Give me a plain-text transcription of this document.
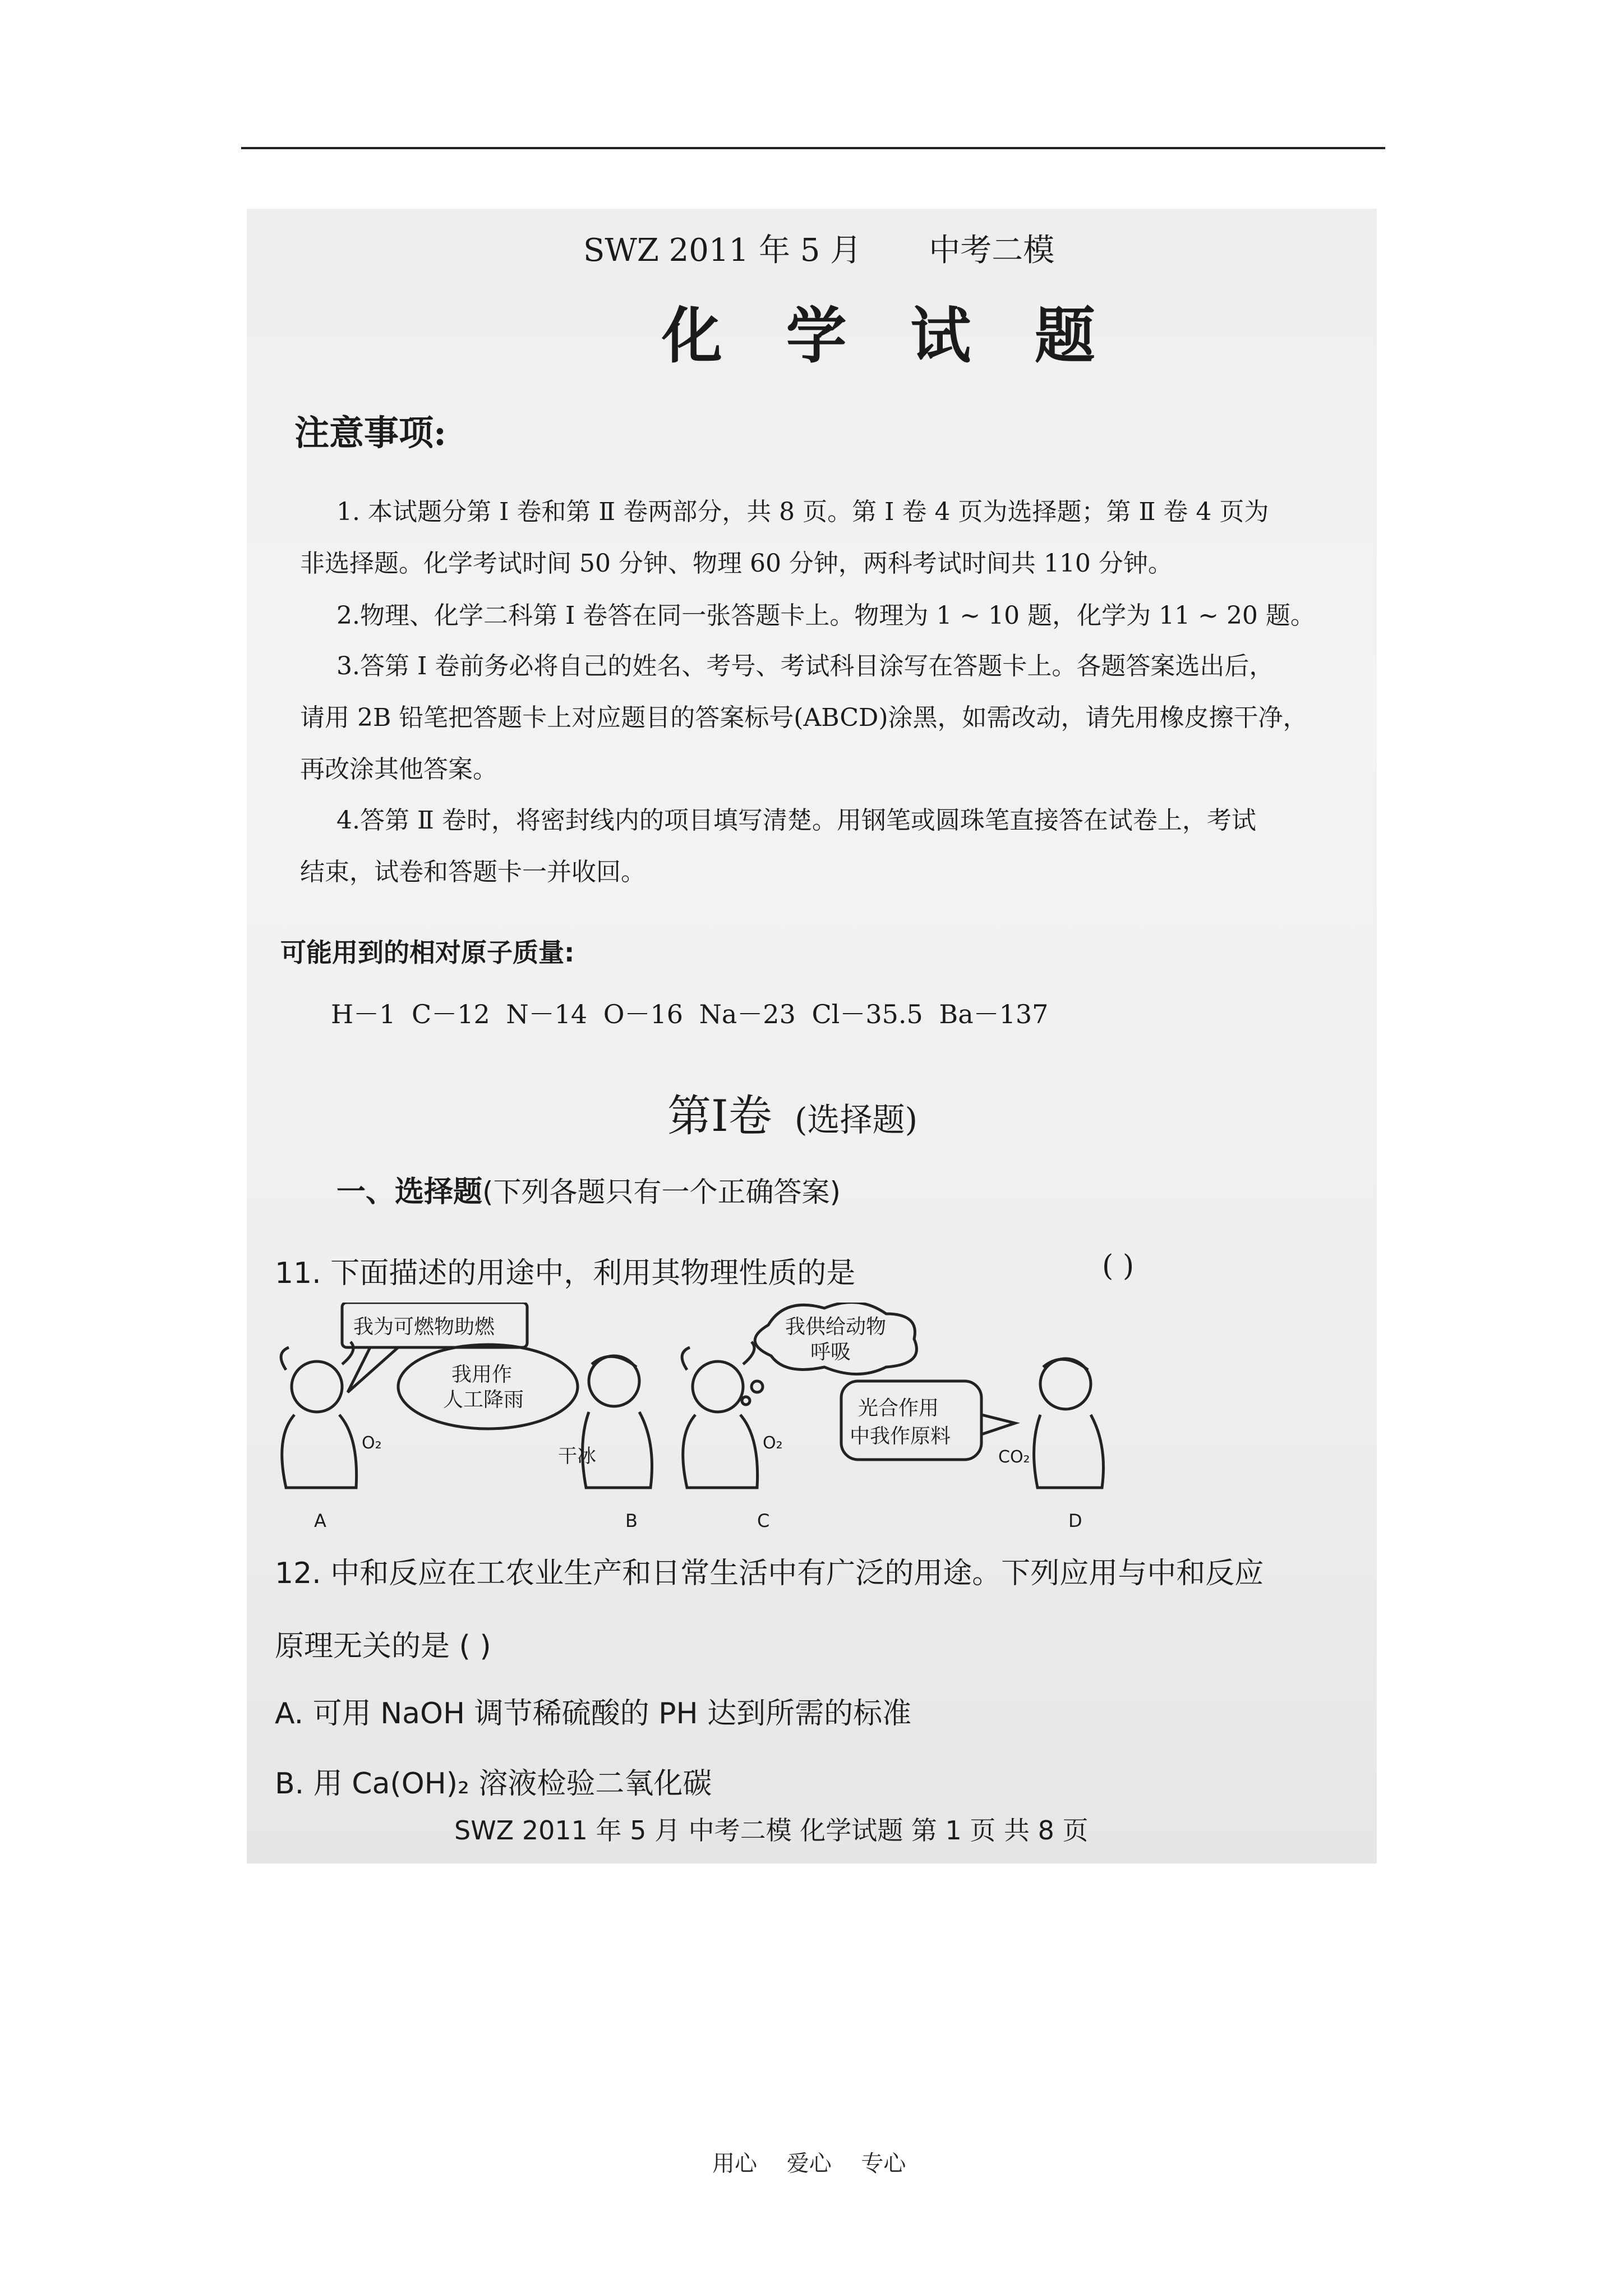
SWZ 2011 年 5 月 中考二模
化 学 试 题
注意事项:
1. 本试题分第 Ⅰ 卷和第 Ⅱ 卷两部分，共 8 页。第 Ⅰ 卷 4 页为选择题；第 Ⅱ 卷 4 页为
非选择题。化学考试时间 50 分钟、物理 60 分钟，两科考试时间共 110 分钟。
2.物理、化学二科第 Ⅰ 卷答在同一张答题卡上。物理为 1 ~ 10 题，化学为 11 ~ 20 题。
3.答第 Ⅰ 卷前务必将自己的姓名、考号、考试科目涂写在答题卡上。各题答案选出后，
请用 2B 铅笔把答题卡上对应题目的答案标号(ABCD)涂黑，如需改动，请先用橡皮擦干净，
再改涂其他答案。
4.答第 Ⅱ 卷时，将密封线内的项目填写清楚。用钢笔或圆珠笔直接答在试卷上，考试
结束，试卷和答题卡一并收回。
可能用到的相对原子质量:
H－1 C－12 N－14 O－16 Na－23 Cl－35.5 Ba－137
第Ⅰ卷 (选择题)
一、选择题(下列各题只有一个正确答案)
11. 下面描述的用途中，利用其物理性质的是	( )
我为可燃物助燃
我用作
人工降雨
我供给动物
呼吸
光合作用
中我作原料
O₂
干冰
O₂
CO₂
A	B	C	D
12. 中和反应在工农业生产和日常生活中有广泛的用途。下列应用与中和反应
原理无关的是 ( )
A. 可用 NaOH 调节稀硫酸的 PH 达到所需的标准
B. 用 Ca(OH)₂ 溶液检验二氧化碳
SWZ 2011 年 5 月 中考二模 化学试题 第 1 页 共 8 页
用心 爱心 专心
